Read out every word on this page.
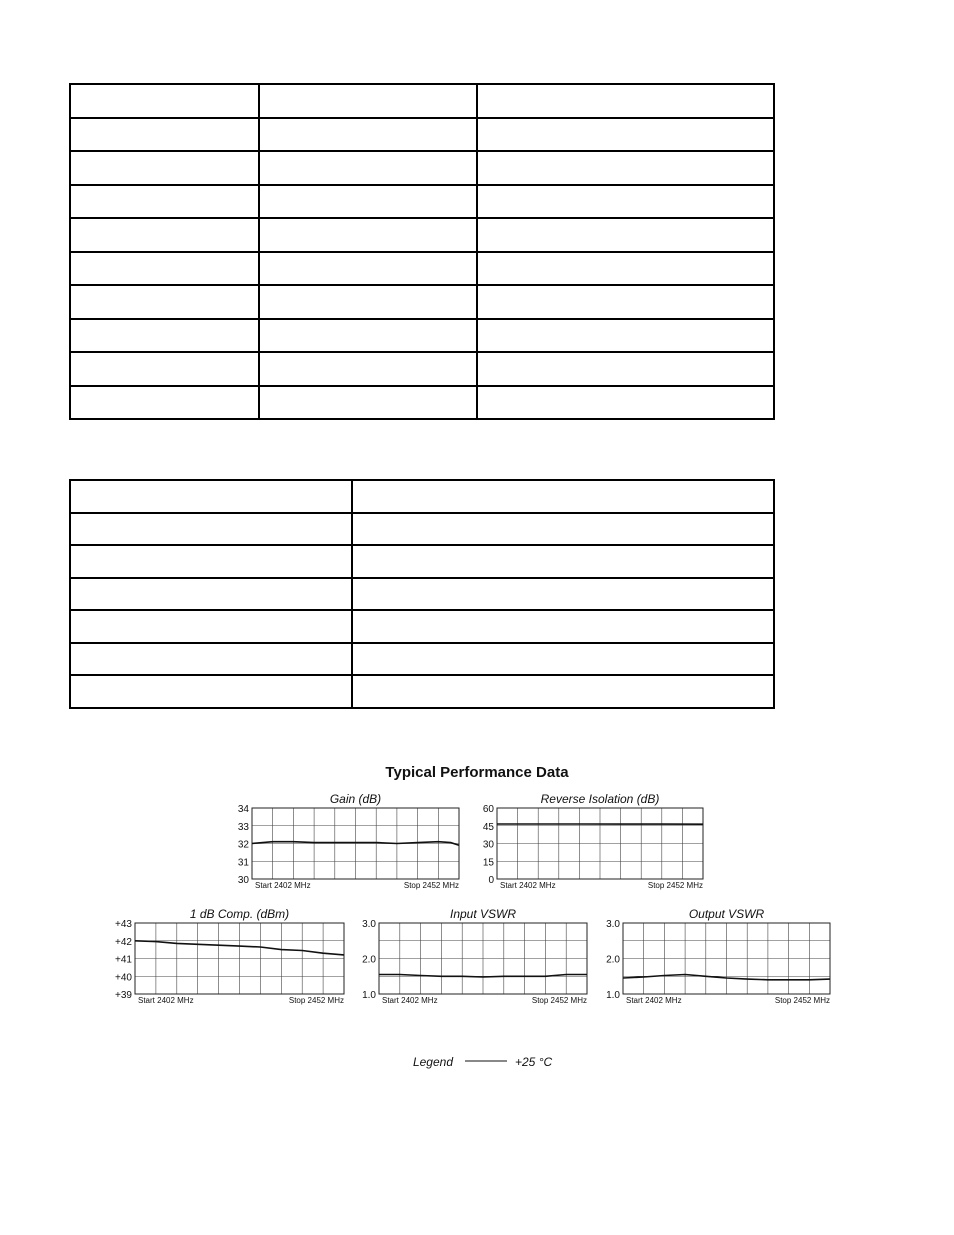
Typical Performance Data
Gain (dB)
34
33
32
31
30 Start 2402 MHz	Stop 2452 MHz
Reverse Isolation (dB)
60
45
30
15
0 Start 2402 MHz	Stop 2452 MHz
1 dB Comp. (dBm)
+43
+42
+41
+40
+39 Start 2402 MHz	Stop 2452 MHz
Input VSWR
3.0
2.0
1.0 Start 2402 MHz	Stop 2452 MHz
Output VSWR
3.0
2.0
1.0 Start 2402 MHz	Stop 2452 MHz
Legend	+25 °C
